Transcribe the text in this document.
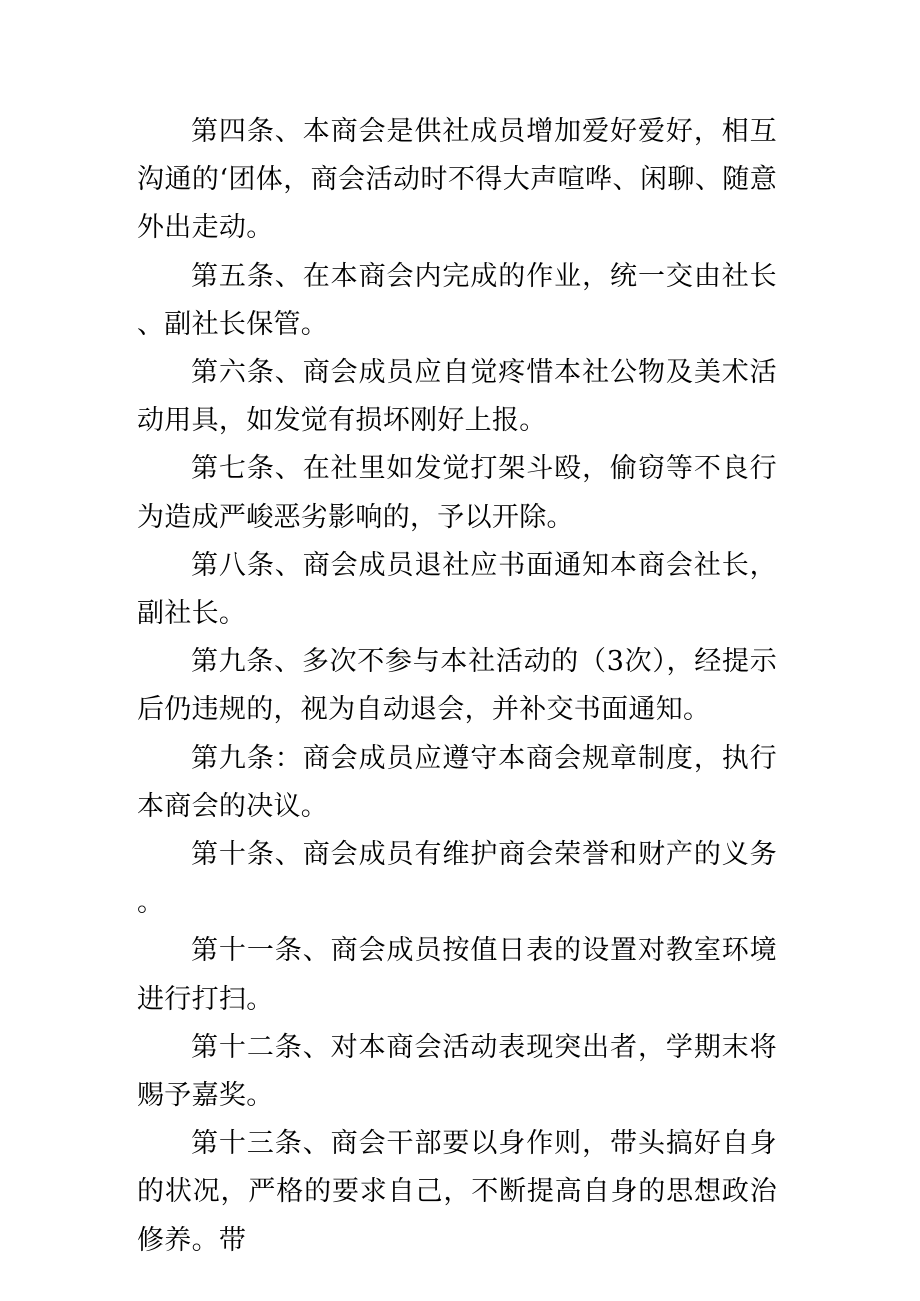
第四条、本商会是供社成员增加爱好爱好，相互沟通的‘团体，商会活动时不得大声喧哗、闲聊、随意外出走动。

第五条、在本商会内完成的作业，统一交由社长、副社长保管。

第六条、商会成员应自觉疼惜本社公物及美术活动用具，如发觉有损坏刚好上报。

第七条、在社里如发觉打架斗殴，偷窃等不良行为造成严峻恶劣影响的，予以开除。

第八条、商会成员退社应书面通知本商会社长，副社长。

第九条、多次不参与本社活动的（3次），经提示后仍违规的，视为自动退会，并补交书面通知。

第九条：商会成员应遵守本商会规章制度，执行本商会的决议。

第十条、商会成员有维护商会荣誉和财产的义务。

第十一条、商会成员按值日表的设置对教室环境进行打扫。

第十二条、对本商会活动表现突出者，学期末将赐予嘉奖。

第十三条、商会干部要以身作则，带头搞好自身的状况，严格的要求自己，不断提高自身的思想政治修养。带
